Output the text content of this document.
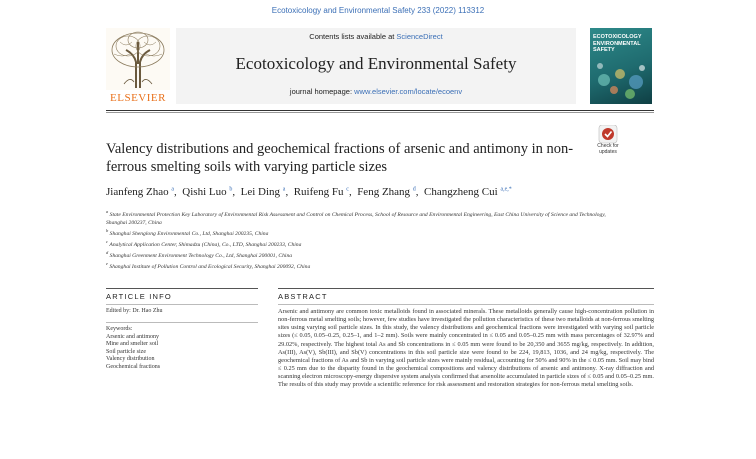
Ecotoxicology and Environmental Safety 233 (2022) 113312
ELSEVIER
Contents lists available at ScienceDirect
Ecotoxicology and Environmental Safety
journal homepage: www.elsevier.com/locate/ecoenv
ECOTOXICOLOGY ENVIRONMENTAL SAFETY
Check for updates
Valency distributions and geochemical fractions of arsenic and antimony in non-ferrous smelting soils with varying particle sizes
Jianfeng Zhao $^a$,  Qishi Luo $^b$,  Lei Ding $^a$,  Ruifeng Fu $^c$,  Feng Zhang $^d$,  Changzheng Cui $^{a,e,*}$
$^a$ State Environmental Protection Key Laboratory of Environmental Risk Assessment and Control on Chemical Process, School of Resource and Environmental Engineering, East China University of Science and Technology, Shanghai 200237, China
$^b$ Shanghai Shenglong Environmental Co., Ltd, Shanghai 200235, China
$^c$ Analytical Application Center, Shimadzu (China), Co., LTD, Shanghai 200233, China
$^d$ Shanghai Greenment Environment Technology Co., Ltd, Shanghai 200001, China
$^e$ Shanghai Institute of Pollution Control and Ecological Security, Shanghai 200092, China
ARTICLE INFO	ABSTRACT
Edited by: Dr. Hao Zhu
Keywords:
Arsenic and antimony
Mine and smelter soil
Soil particle size
Valency distribution
Geochemical fractions
Arsenic and antimony are common toxic metalloids found in associated minerals. These metalloids generally cause high-concentration pollution in non-ferrous metal smelting soils; however, few studies have investigated the pollution characteristics of these two metalloids at non-ferrous smelting sites using varying soil particle sizes. In this study, the valency distributions and geochemical fractions were investigated with varying soil particle sizes (≤ 0.05, 0.05–0.25, 0.25–1, and 1–2 mm). Soils were mainly concentrated in ≤ 0.05 and 0.05–0.25 mm with mass percentages of 32.97% and 29.02%, respectively. The highest total As and Sb concentrations in ≤ 0.05 mm were found to be 20,350 and 3655 mg/kg, respectively. In addition, As(III), As(V), Sb(III), and Sb(V) concentrations in this soil particle size were found to be 224, 19,813, 1036, and 24 mg/kg, respectively. The geochemical fractions of As and Sb in varying soil particle sizes were mainly residual, accounting for 50% and 90% in the ≤ 0.05 mm. Soil may bind ≤ 0.25 mm due to the disparity found in the geochemical compositions and valency distributions of arsenic and antimony. X-ray diffraction and scanning electron microscopy-energy dispersive system analysis confirmed that arsenolite accumulated in particle sizes of ≤ 0.05 and 0.05–0.25 mm. The results of this study may provide a scientific reference for risk assessment and restoration strategies for non-ferrous metal smelting soils.
